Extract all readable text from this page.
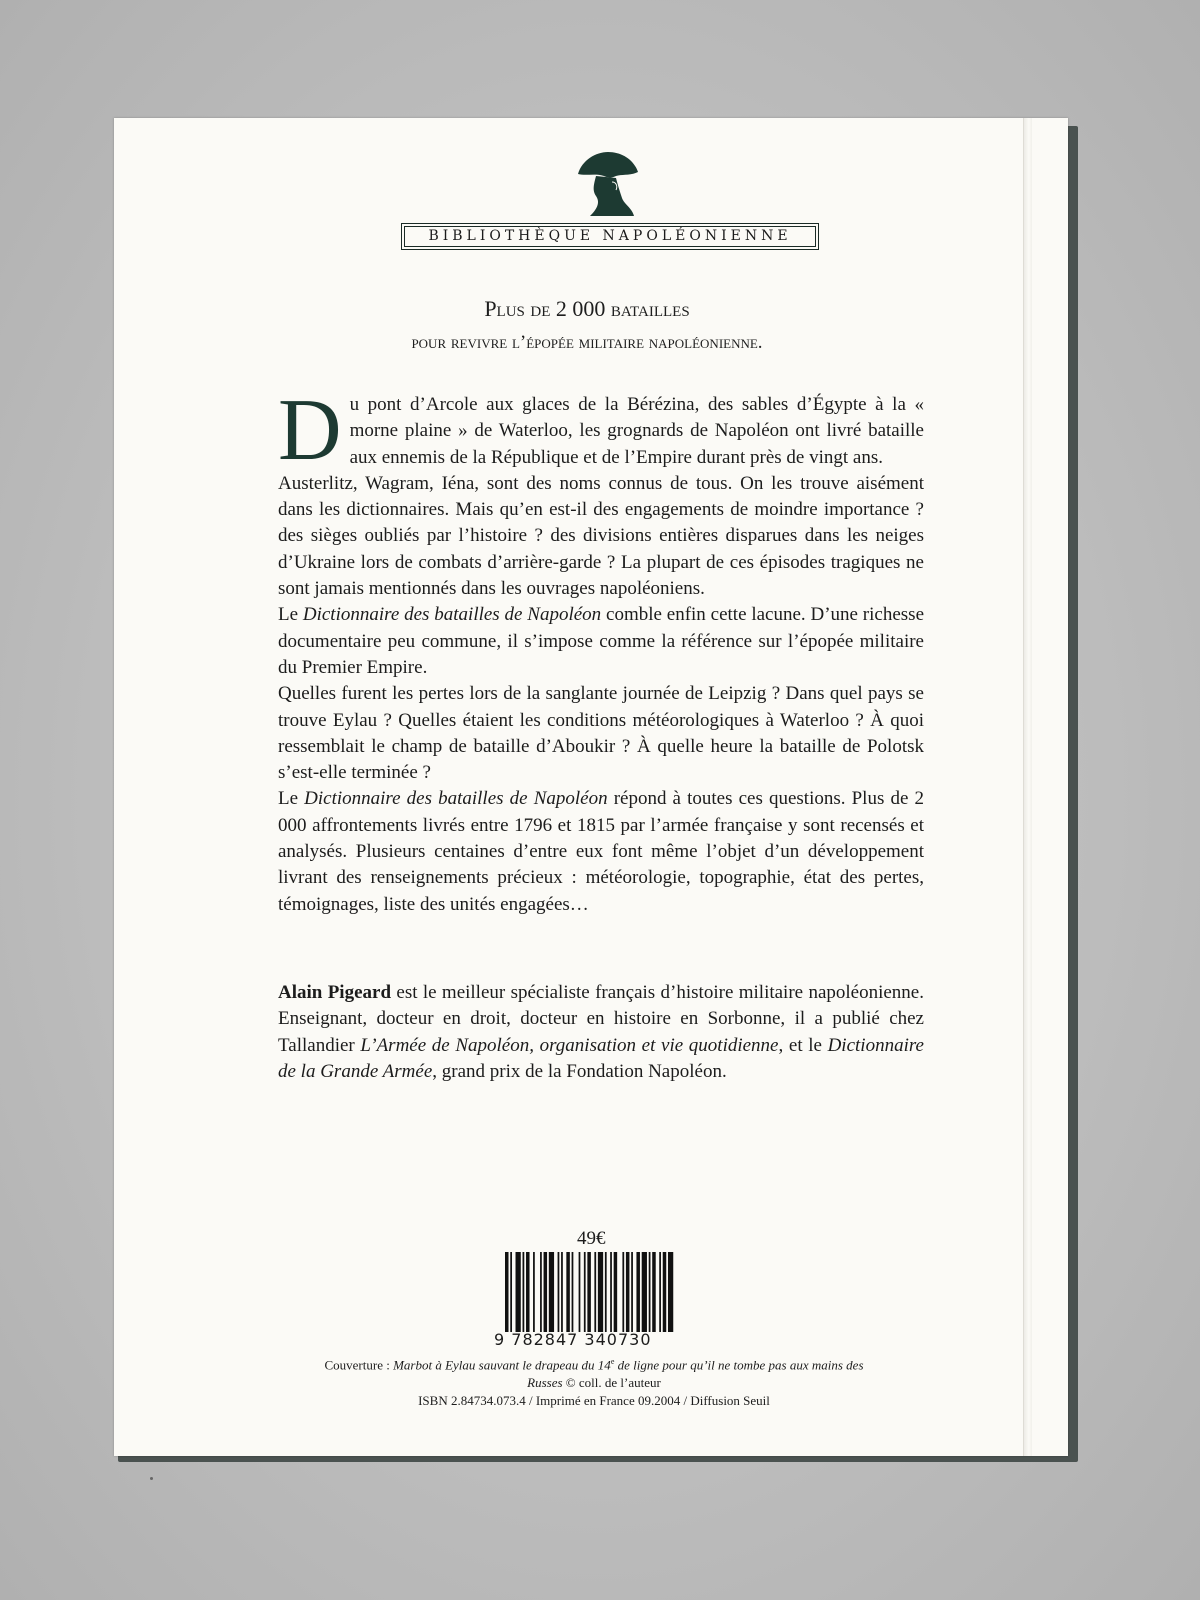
BIBLIOTHÈQUE NAPOLÉONIENNE
Plus de 2 000 batailles
pour revivre l’épopée militaire napoléonienne.

Du pont d’Arcole aux glaces de la Bérézina, des sables d’Égypte à la « morne plaine » de Waterloo, les grognards de Napoléon ont livré bataille aux ennemis de la République et de l’Empire durant près de vingt ans.

Austerlitz, Wagram, Iéna, sont des noms connus de tous. On les trouve aisément dans les dictionnaires. Mais qu’en est-il des engagements de moindre importance ? des sièges oubliés par l’histoire ? des divisions entières disparues dans les neiges d’Ukraine lors de combats d’arrière-garde ? La plupart de ces épisodes tragiques ne sont jamais mentionnés dans les ouvrages napoléoniens.

Le Dictionnaire des batailles de Napoléon comble enfin cette lacune. D’une richesse documentaire peu commune, il s’impose comme la référence sur l’épopée militaire du Premier Empire.

Quelles furent les pertes lors de la sanglante journée de Leipzig ? Dans quel pays se trouve Eylau ? Quelles étaient les conditions météorologiques à Waterloo ? À quoi ressemblait le champ de bataille d’Aboukir ? À quelle heure la bataille de Polotsk s’est-elle terminée ?

Le Dictionnaire des batailles de Napoléon répond à toutes ces questions. Plus de 2 000 affrontements livrés entre 1796 et 1815 par l’armée française y sont recensés et analysés. Plusieurs centaines d’entre eux font même l’objet d’un développement livrant des renseignements précieux : météorologie, topographie, état des pertes, témoignages, liste des unités engagées…

Alain Pigeard est le meilleur spécialiste français d’histoire militaire napoléonienne. Enseignant, docteur en droit, docteur en histoire en Sorbonne, il a publié chez Tallandier L’Armée de Napoléon, organisation et vie quotidienne, et le Dictionnaire de la Grande Armée, grand prix de la Fondation Napoléon.

49€
9 782847 340730
Couverture : Marbot à Eylau sauvant le drapeau du 14e de ligne pour qu’il ne tombe pas aux mains des Russes © coll. de l’auteur
ISBN 2.84734.073.4 / Imprimé en France 09.2004 / Diffusion Seuil
